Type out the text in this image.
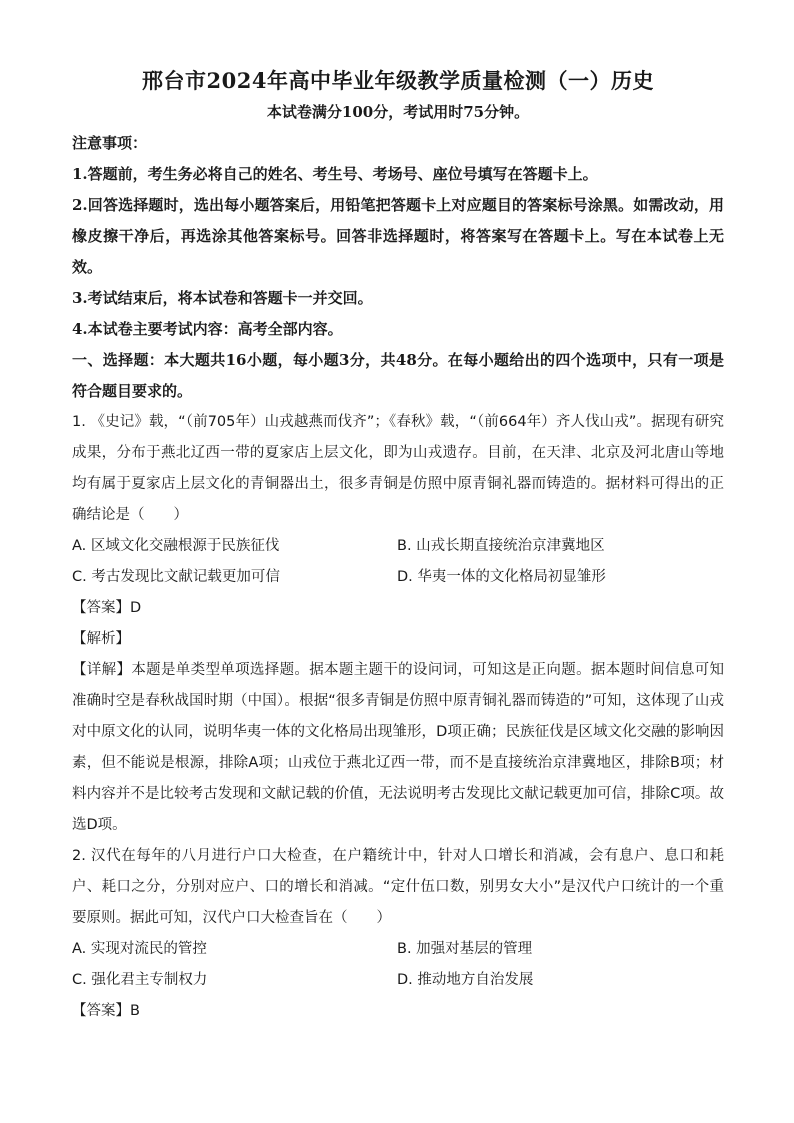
邢台市2024年高中毕业年级教学质量检测（一）历史
本试卷满分100分，考试用时75分钟。
注意事项：
1.答题前，考生务必将自己的姓名、考生号、考场号、座位号填写在答题卡上。
2.回答选择题时，选出每小题答案后，用铅笔把答题卡上对应题目的答案标号涂黑。如需改动，用橡皮擦干净后，再选涂其他答案标号。回答非选择题时，将答案写在答题卡上。写在本试卷上无效。
3.考试结束后，将本试卷和答题卡一并交回。
4.本试卷主要考试内容：高考全部内容。
一、选择题：本大题共16小题，每小题3分，共48分。在每小题给出的四个选项中，只有一项是符合题目要求的。
1. 《史记》载，“（前705年）山戎越燕而伐齐”；《春秋》载，“（前664年）齐人伐山戎”。据现有研究成果，分布于燕北辽西一带的夏家店上层文化，即为山戎遗存。目前，在天津、北京及河北唐山等地均有属于夏家店上层文化的青铜器出土，很多青铜是仿照中原青铜礼器而铸造的。据材料可得出的正确结论是（　　）
A. 区域文化交融根源于民族征伐	B. 山戎长期直接统治京津冀地区
C. 考古发现比文献记载更加可信	D. 华夷一体的文化格局初显雏形
【答案】D
【解析】
【详解】本题是单类型单项选择题。据本题主题干的设问词，可知这是正向题。据本题时间信息可知准确时空是春秋战国时期（中国）。根据“很多青铜是仿照中原青铜礼器而铸造的”可知，这体现了山戎对中原文化的认同，说明华夷一体的文化格局出现雏形，D项正确；民族征伐是区域文化交融的影响因素，但不能说是根源，排除A项；山戎位于燕北辽西一带，而不是直接统治京津冀地区，排除B项；材料内容并不是比较考古发现和文献记载的价值，无法说明考古发现比文献记载更加可信，排除C项。故选D项。
2. 汉代在每年的八月进行户口大检查，在户籍统计中，针对人口增长和消减，会有息户、息口和耗户、耗口之分，分别对应户、口的增长和消减。“定什伍口数，别男女大小”是汉代户口统计的一个重要原则。据此可知，汉代户口大检查旨在（　　）
A. 实现对流民的管控	B. 加强对基层的管理
C. 强化君主专制权力	D. 推动地方自治发展
【答案】B
